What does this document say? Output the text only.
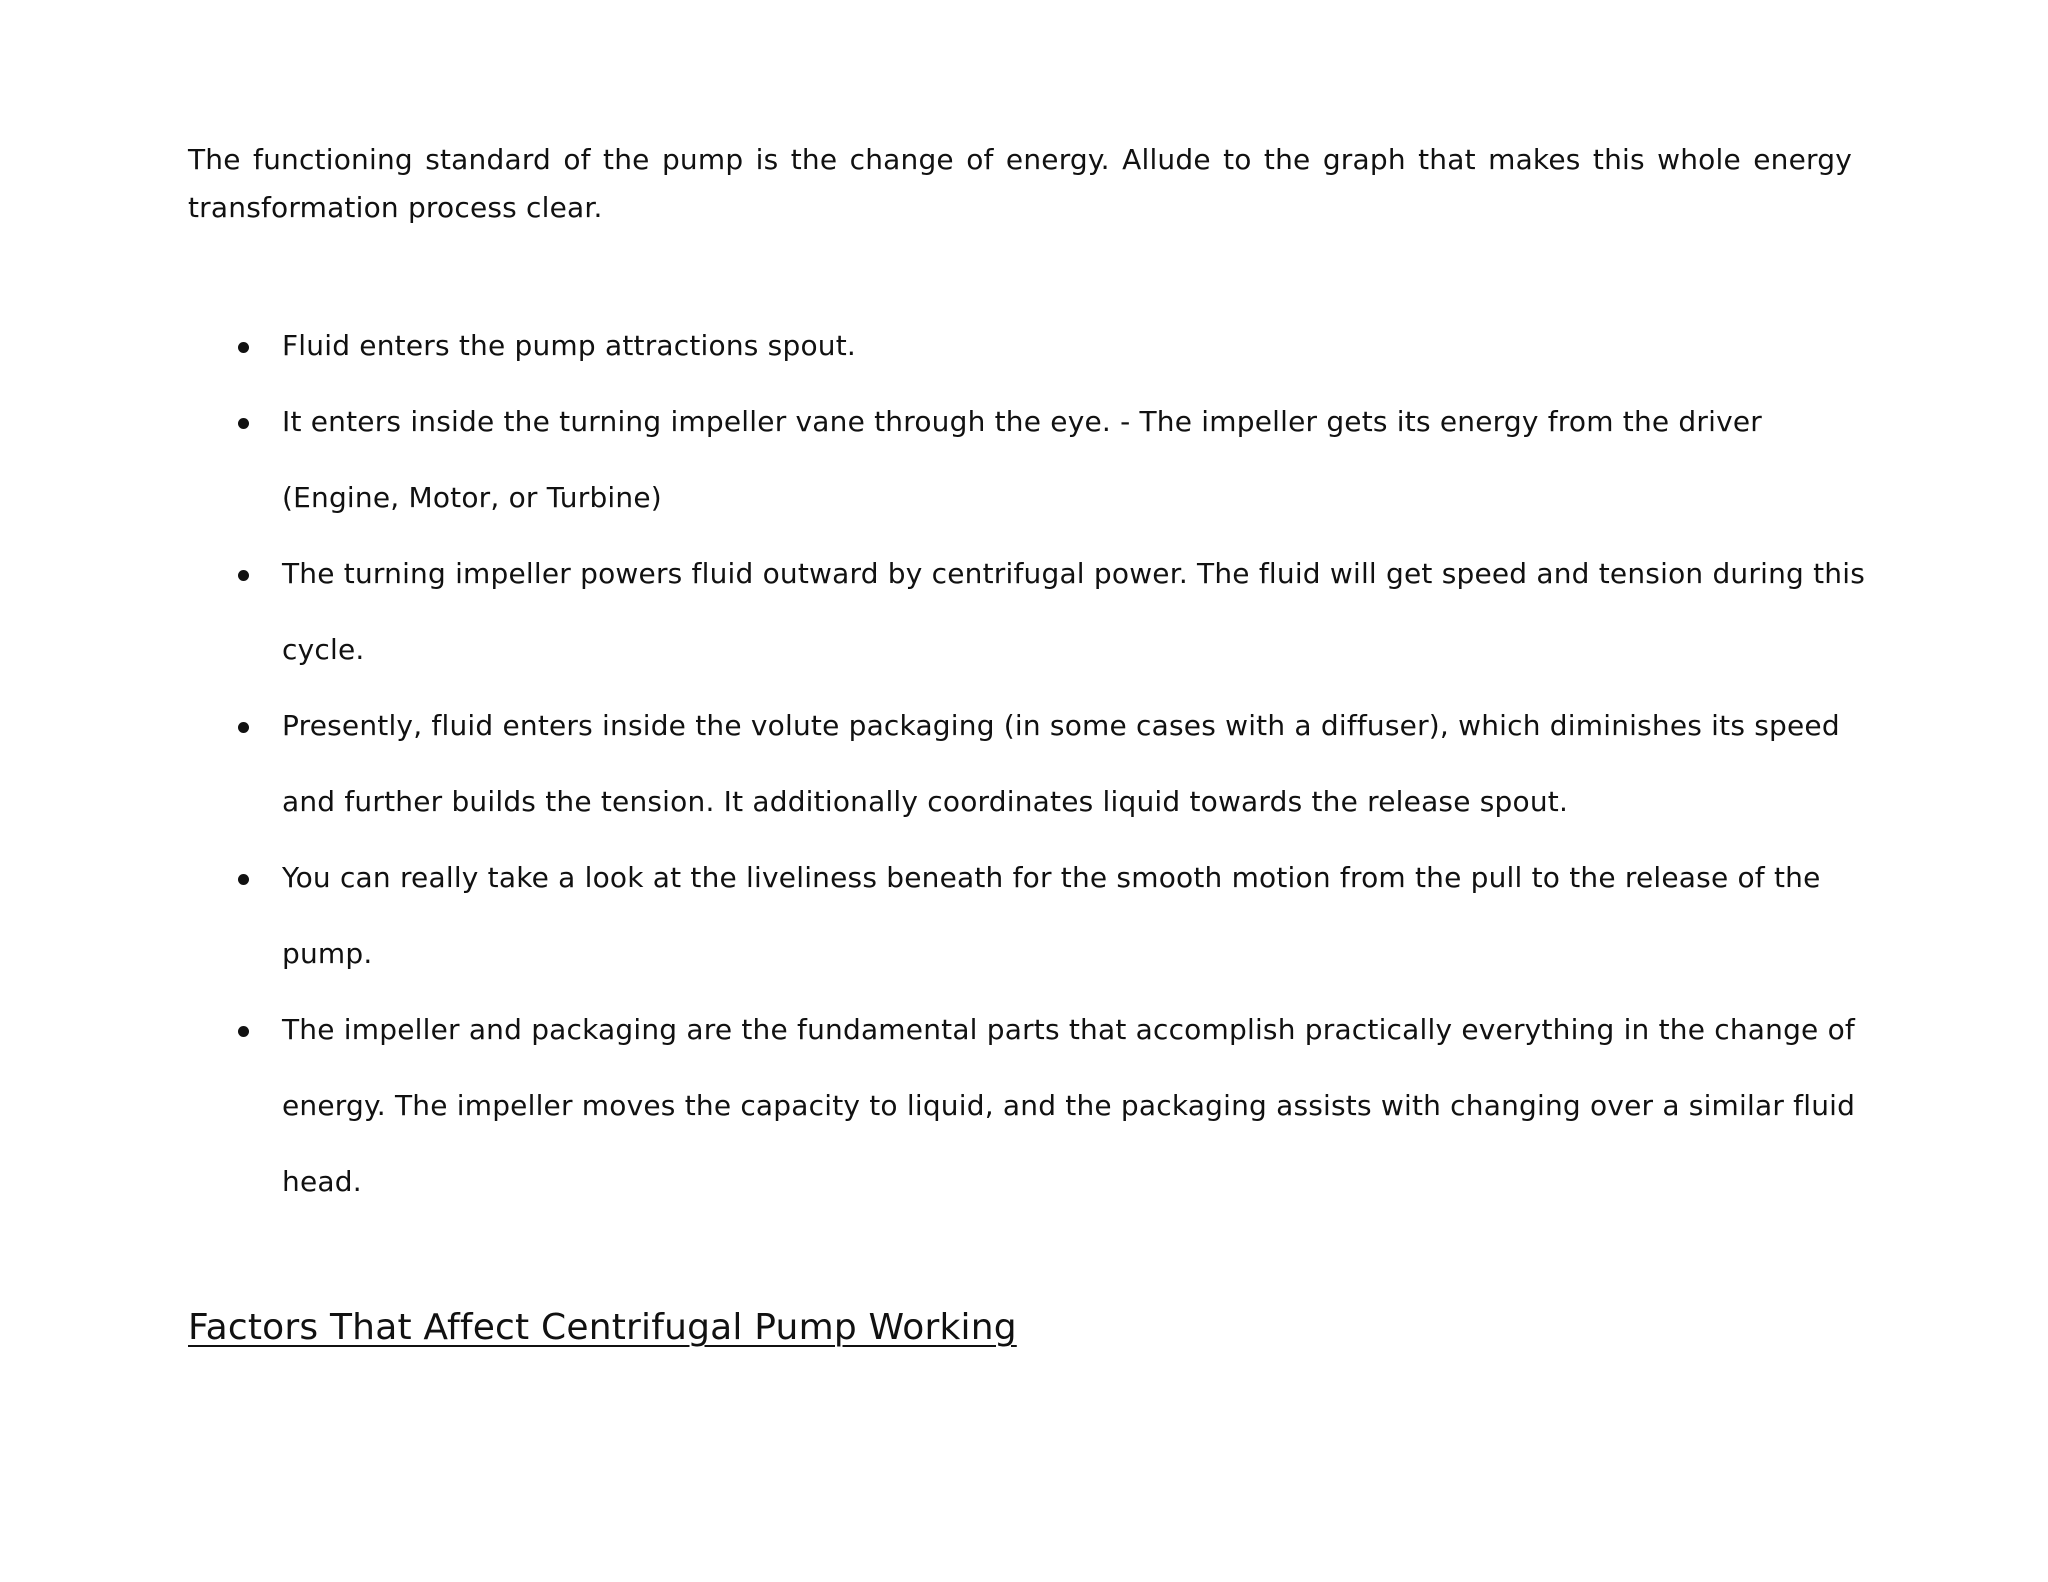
The functioning standard of the pump is the change of energy. Allude to the graph that makes this whole energy transformation process clear.

Fluid enters the pump attractions spout.
It enters inside the turning impeller vane through the eye. - The impeller gets its energy from the driver (Engine, Motor, or Turbine)
The turning impeller powers fluid outward by centrifugal power. The fluid will get speed and tension during this cycle.
Presently, fluid enters inside the volute packaging (in some cases with a diffuser), which diminishes its speed and further builds the tension. It additionally coordinates liquid towards the release spout.
You can really take a look at the liveliness beneath for the smooth motion from the pull to the release of the pump.
The impeller and packaging are the fundamental parts that accomplish practically everything in the change of energy. The impeller moves the capacity to liquid, and the packaging assists with changing over a similar fluid head.
Factors That Affect Centrifugal Pump Working
